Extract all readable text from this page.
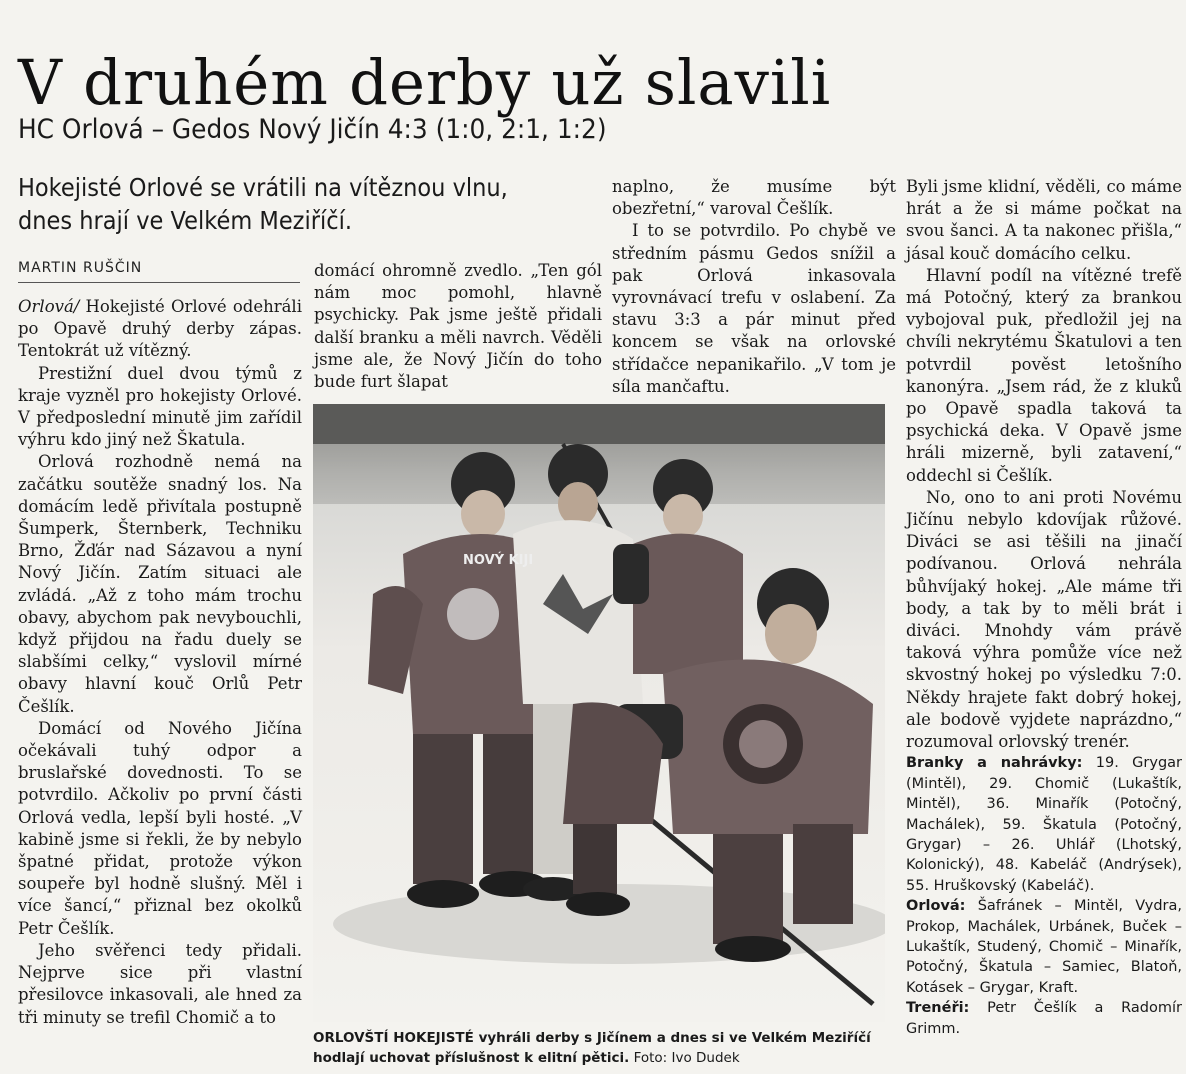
V druhém derby už slavili
HC Orlová – Gedos Nový Jičín 4:3 (1:0, 2:1, 1:2)
Hokejisté Orlové se vrátili na vítěznou vlnu, dnes hrají ve Velkém Meziříčí.
MARTIN RUŠČIN

Orlová/ Hokejisté Orlové odehráli po Opavě druhý derby zápas. Tentokrát už vítězný.

Prestižní duel dvou týmů z kraje vyzněl pro hokejisty Orlové. V předposlední minutě jim zařídil výhru kdo jiný než Škatula.

Orlová rozhodně nemá na začátku soutěže snadný los. Na domácím ledě přivítala postupně Šumperk, Šternberk, Techniku Brno, Žďár nad Sázavou a nyní Nový Jičín. Zatím situaci ale zvládá. „Až z toho mám trochu obavy, abychom pak nevybouchli, když přijdou na řadu duely se slabšími celky,“ vyslovil mírné obavy hlavní kouč Orlů Petr Češlík.

Domácí od Nového Jičína očekávali tuhý odpor a bruslařské dovednosti. To se potvrdilo. Ačkoliv po první části Orlová vedla, lepší byli hosté. „V kabině jsme si řekli, že by nebylo špatné přidat, protože výkon soupeře byl hodně slušný. Měl i více šancí,“ přiznal bez okolků Petr Češlík.

Jeho svěřenci tedy přidali. Nejprve sice při vlastní přesilovce inkasovali, ale hned za tři minuty se trefil Chomič a to

domácí ohromně zvedlo. „Ten gól nám moc pomohl, hlavně psychicky. Pak jsme ještě přidali další branku a měli navrch. Věděli jsme ale, že Nový Jičín do toho bude furt šlapat

naplno, že musíme být obezřetní,“ varoval Češlík.

I to se potvrdilo. Po chybě ve středním pásmu Gedos snížil a pak Orlová inkasovala vyrovnávací trefu v oslabení. Za stavu 3:3 a pár minut před koncem se však na orlovské střídačce nepanikařilo. „V tom je síla mančaftu.

Byli jsme klidní, věděli, co máme hrát a že si máme počkat na svou šanci. A ta nakonec přišla,“ jásal kouč domácího celku.

Hlavní podíl na vítězné trefě má Potočný, který za brankou vybojoval puk, předložil jej na chvíli nekrytému Škatulovi a ten potvrdil pověst letošního kanonýra. „Jsem rád, že z kluků po Opavě spadla taková ta psychická deka. V Opavě jsme hráli mizerně, byli zatavení,“ oddechl si Češlík.

No, ono to ani proti Novému Jičínu nebylo kdovíjak růžové. Diváci se asi těšili na jinačí podívanou. Orlová nehrála bůhvíjaký hokej. „Ale máme tři body, a tak by to měli brát i diváci. Mnohdy vám právě taková výhra pomůže více než skvostný hokej po výsledku 7:0. Někdy hrajete fakt dobrý hokej, ale bodově vyjdete naprázdno,“ rozumoval orlovský trenér.

Branky a nahrávky: 19. Grygar (Mintěl), 29. Chomič (Lukaštík, Mintěl), 36. Minařík (Potočný, Machálek), 59. Škatula (Potočný, Grygar) – 26. Uhlář (Lhotský, Kolonický), 48. Kabeláč (Andrýsek), 55. Hruškovský (Kabeláč).

Orlová: Šafránek – Mintěl, Vydra, Prokop, Machálek, Urbánek, Buček – Lukaštík, Studený, Chomič – Minařík, Potočný, Škatula – Samiec, Blatoň, Kotásek – Grygar, Kraft.

Trenéři: Petr Češlík a Radomír Grimm.

NOVÝ KIJI
ORLOVŠTÍ HOKEJISTÉ vyhráli derby s Jičínem a dnes si ve Velkém Meziříčí hodlají uchovat příslušnost k elitní pětici. Foto: Ivo Dudek
